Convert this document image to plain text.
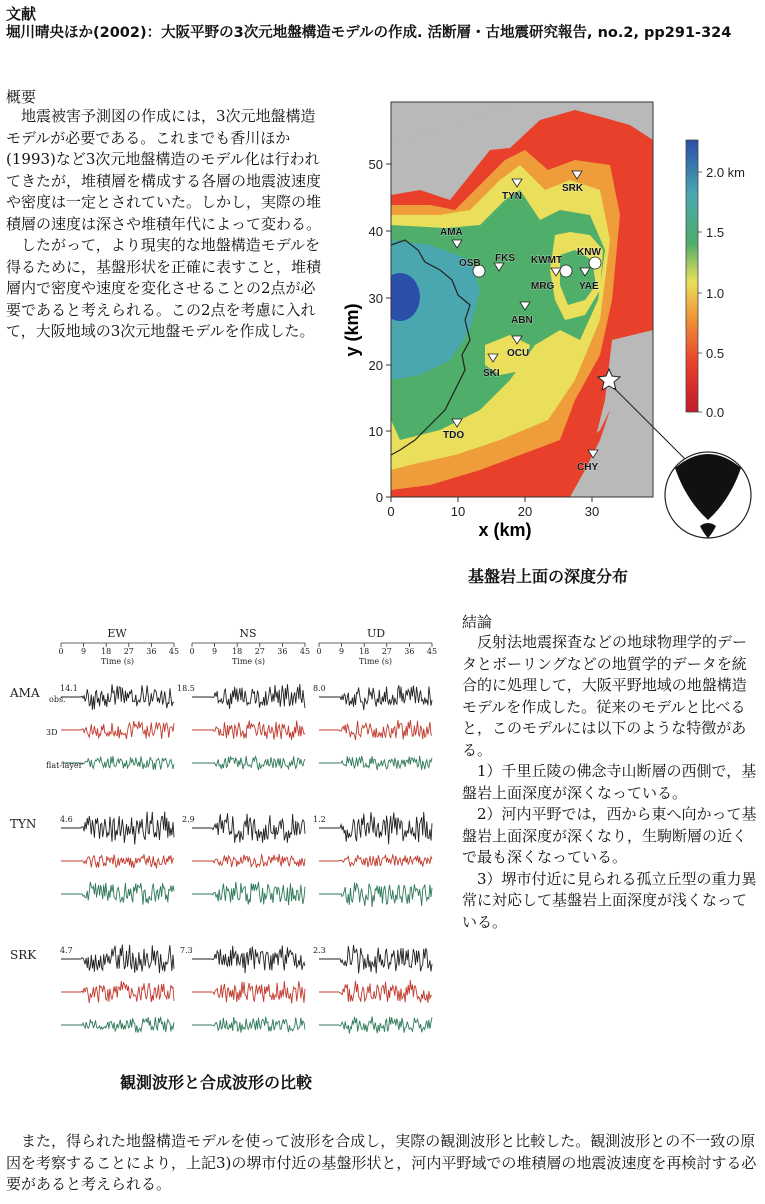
文献
堀川晴央ほか(2002)：大阪平野の3次元地盤構造モデルの作成. 活断層・古地震研究報告, no.2, pp291-324
概要

地震被害予測図の作成には，3次元地盤構造モデルが必要である。これまでも香川ほか(1993)など3次元地盤構造のモデル化は行われてきたが，堆積層を構成する各層の地震波速度や密度は一定とされていた。しかし，実際の堆積層の速度は深さや堆積年代によって変わる。

したがって，より現実的な地盤構造モデルを得るために，基盤形状を正確に表すこと，堆積層内で密度や速度を変化させることの2点が必要であると考えられる。この2点を考慮に入れて，大阪地域の3次元地盤モデルを作成した。

0	10	20	30
0
10
20
30
40
50
x (km)
y (km)
TYN
SRK
AMA
OSB FKS KWMT
KNW
MRG YAE
ABN
OCU
SKI
TDO
CHY
2.0 km
1.5
1.0
0.5
0.0
基盤岩上面の深度分布
EW	NS	UD
0 9 18 27 36 45
Time (s)
0 9 18 27 36 45
Time (s)
0 9 18 27 36 45
Time (s)
AMA
TYN
SRK
obs.
3D
flat-layer
14.1	18.5	8.0
4.6	2.9	1.2
4.7	7.3	2.3
観測波形と合成波形の比較
結論

反射法地震探査などの地球物理学的データとボーリングなどの地質学的データを統合的に処理して，大阪平野地域の地盤構造モデルを作成した。従来のモデルと比べると，このモデルには以下のような特徴がある。

1）千里丘陵の佛念寺山断層の西側で，基盤岩上面深度が深くなっている。

2）河内平野では，西から東へ向かって基盤岩上面深度が深くなり，生駒断層の近くで最も深くなっている。

3）堺市付近に見られる孤立丘型の重力異常に対応して基盤岩上面深度が浅くなっている。

また，得られた地盤構造モデルを使って波形を合成し，実際の観測波形と比較した。観測波形との不一致の原因を考察することにより，上記3)の堺市付近の基盤形状と，河内平野域での堆積層の地震波速度を再検討する必要があると考えられる。
